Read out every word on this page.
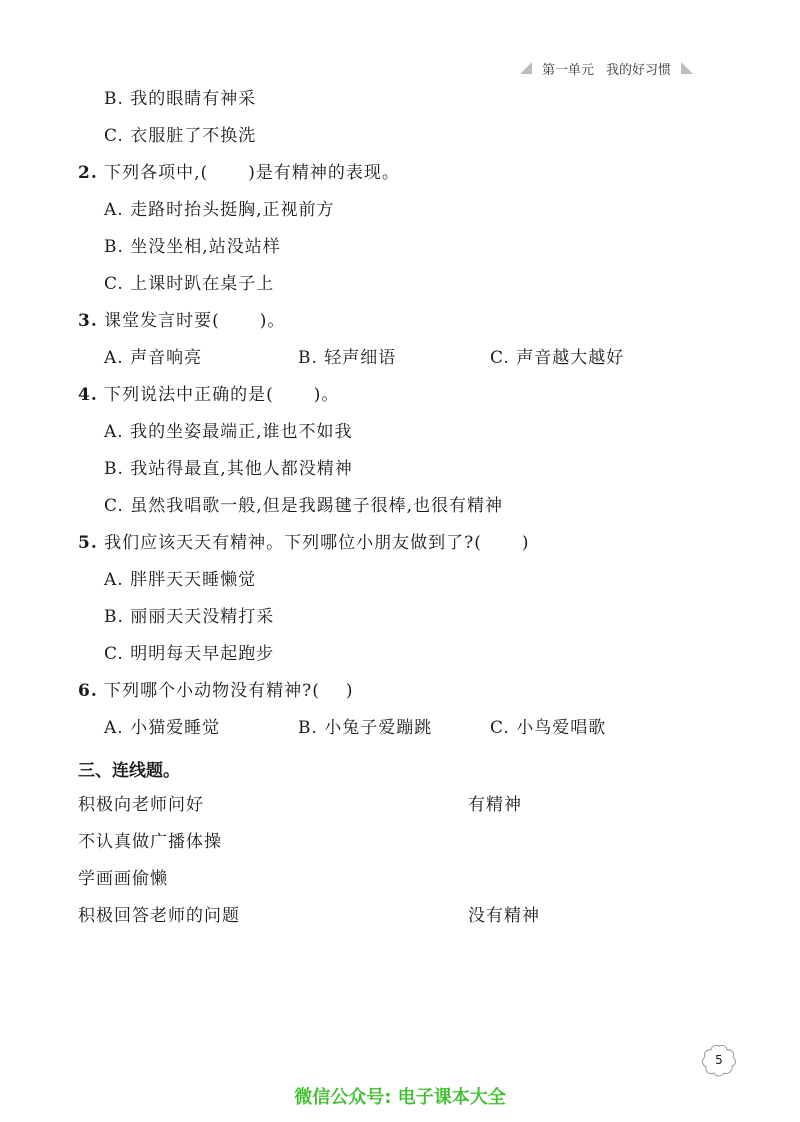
第一单元 我的好习惯
B. 我的眼睛有神采
C. 衣服脏了不换洗
2. 下列各项中,( )是有精神的表现。
A. 走路时抬头挺胸,正视前方
B. 坐没坐相,站没站样
C. 上课时趴在桌子上
3. 课堂发言时要( )。
A. 声音响亮	B. 轻声细语	C. 声音越大越好
4. 下列说法中正确的是( )。
A. 我的坐姿最端正,谁也不如我
B. 我站得最直,其他人都没精神
C. 虽然我唱歌一般,但是我踢毽子很棒,也很有精神
5. 我们应该天天有精神。下列哪位小朋友做到了?( )
A. 胖胖天天睡懒觉
B. 丽丽天天没精打采
C. 明明每天早起跑步
6. 下列哪个小动物没有精神?( )
A. 小猫爱睡觉	B. 小兔子爱蹦跳	C. 小鸟爱唱歌
三、连线题。
积极向老师问好
不认真做广播体操
学画画偷懒
积极回答老师的问题
有精神
没有精神
5
微信公众号: 电子课本大全
